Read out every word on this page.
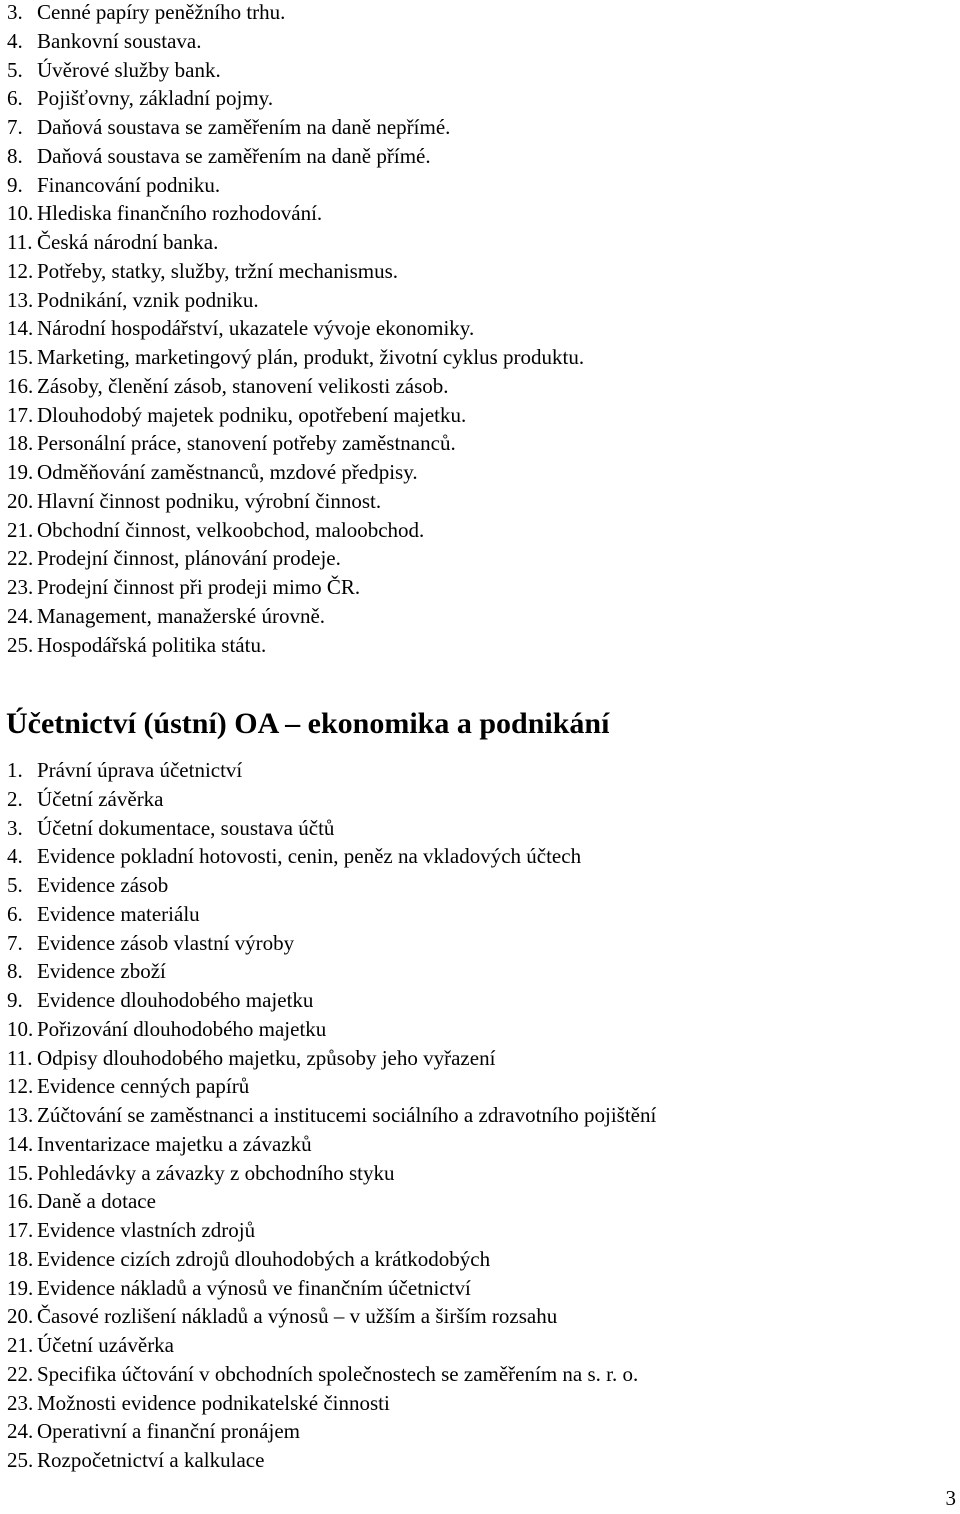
3. Cenné papíry peněžního trhu.
4. Bankovní soustava.
5. Úvěrové služby bank.
6. Pojišťovny, základní pojmy.
7. Daňová soustava se zaměřením na daně nepřímé.
8. Daňová soustava se zaměřením na daně přímé.
9. Financování podniku.
10. Hlediska finančního rozhodování.
11. Česká národní banka.
12. Potřeby, statky, služby, tržní mechanismus.
13. Podnikání, vznik podniku.
14. Národní hospodářství, ukazatele vývoje ekonomiky.
15. Marketing, marketingový plán, produkt, životní cyklus produktu.
16. Zásoby, členění zásob, stanovení velikosti zásob.
17. Dlouhodobý majetek podniku, opotřebení majetku.
18. Personální práce, stanovení potřeby zaměstnanců.
19. Odměňování zaměstnanců, mzdové předpisy.
20. Hlavní činnost podniku, výrobní činnost.
21. Obchodní činnost, velkoobchod, maloobchod.
22. Prodejní činnost, plánování prodeje.
23. Prodejní činnost při prodeji mimo ČR.
24. Management, manažerské úrovně.
25. Hospodářská politika státu.
Účetnictví (ústní) OA – ekonomika a podnikání
1. Právní úprava účetnictví
2. Účetní závěrka
3. Účetní dokumentace, soustava účtů
4. Evidence pokladní hotovosti, cenin, peněz na vkladových účtech
5. Evidence zásob
6. Evidence materiálu
7. Evidence zásob vlastní výroby
8. Evidence zboží
9. Evidence dlouhodobého majetku
10. Pořizování dlouhodobého majetku
11. Odpisy dlouhodobého majetku, způsoby jeho vyřazení
12. Evidence cenných papírů
13. Zúčtování se zaměstnanci a institucemi sociálního a zdravotního pojištění
14. Inventarizace majetku a závazků
15. Pohledávky a závazky z obchodního styku
16. Daně a dotace
17. Evidence vlastních zdrojů
18. Evidence cizích zdrojů dlouhodobých a krátkodobých
19. Evidence nákladů a výnosů ve finančním účetnictví
20. Časové rozlišení nákladů a výnosů – v užším a širším rozsahu
21. Účetní uzávěrka
22. Specifika účtování v obchodních společnostech se zaměřením na s. r. o.
23. Možnosti evidence podnikatelské činnosti
24. Operativní a finanční pronájem
25. Rozpočetnictví a kalkulace
3
